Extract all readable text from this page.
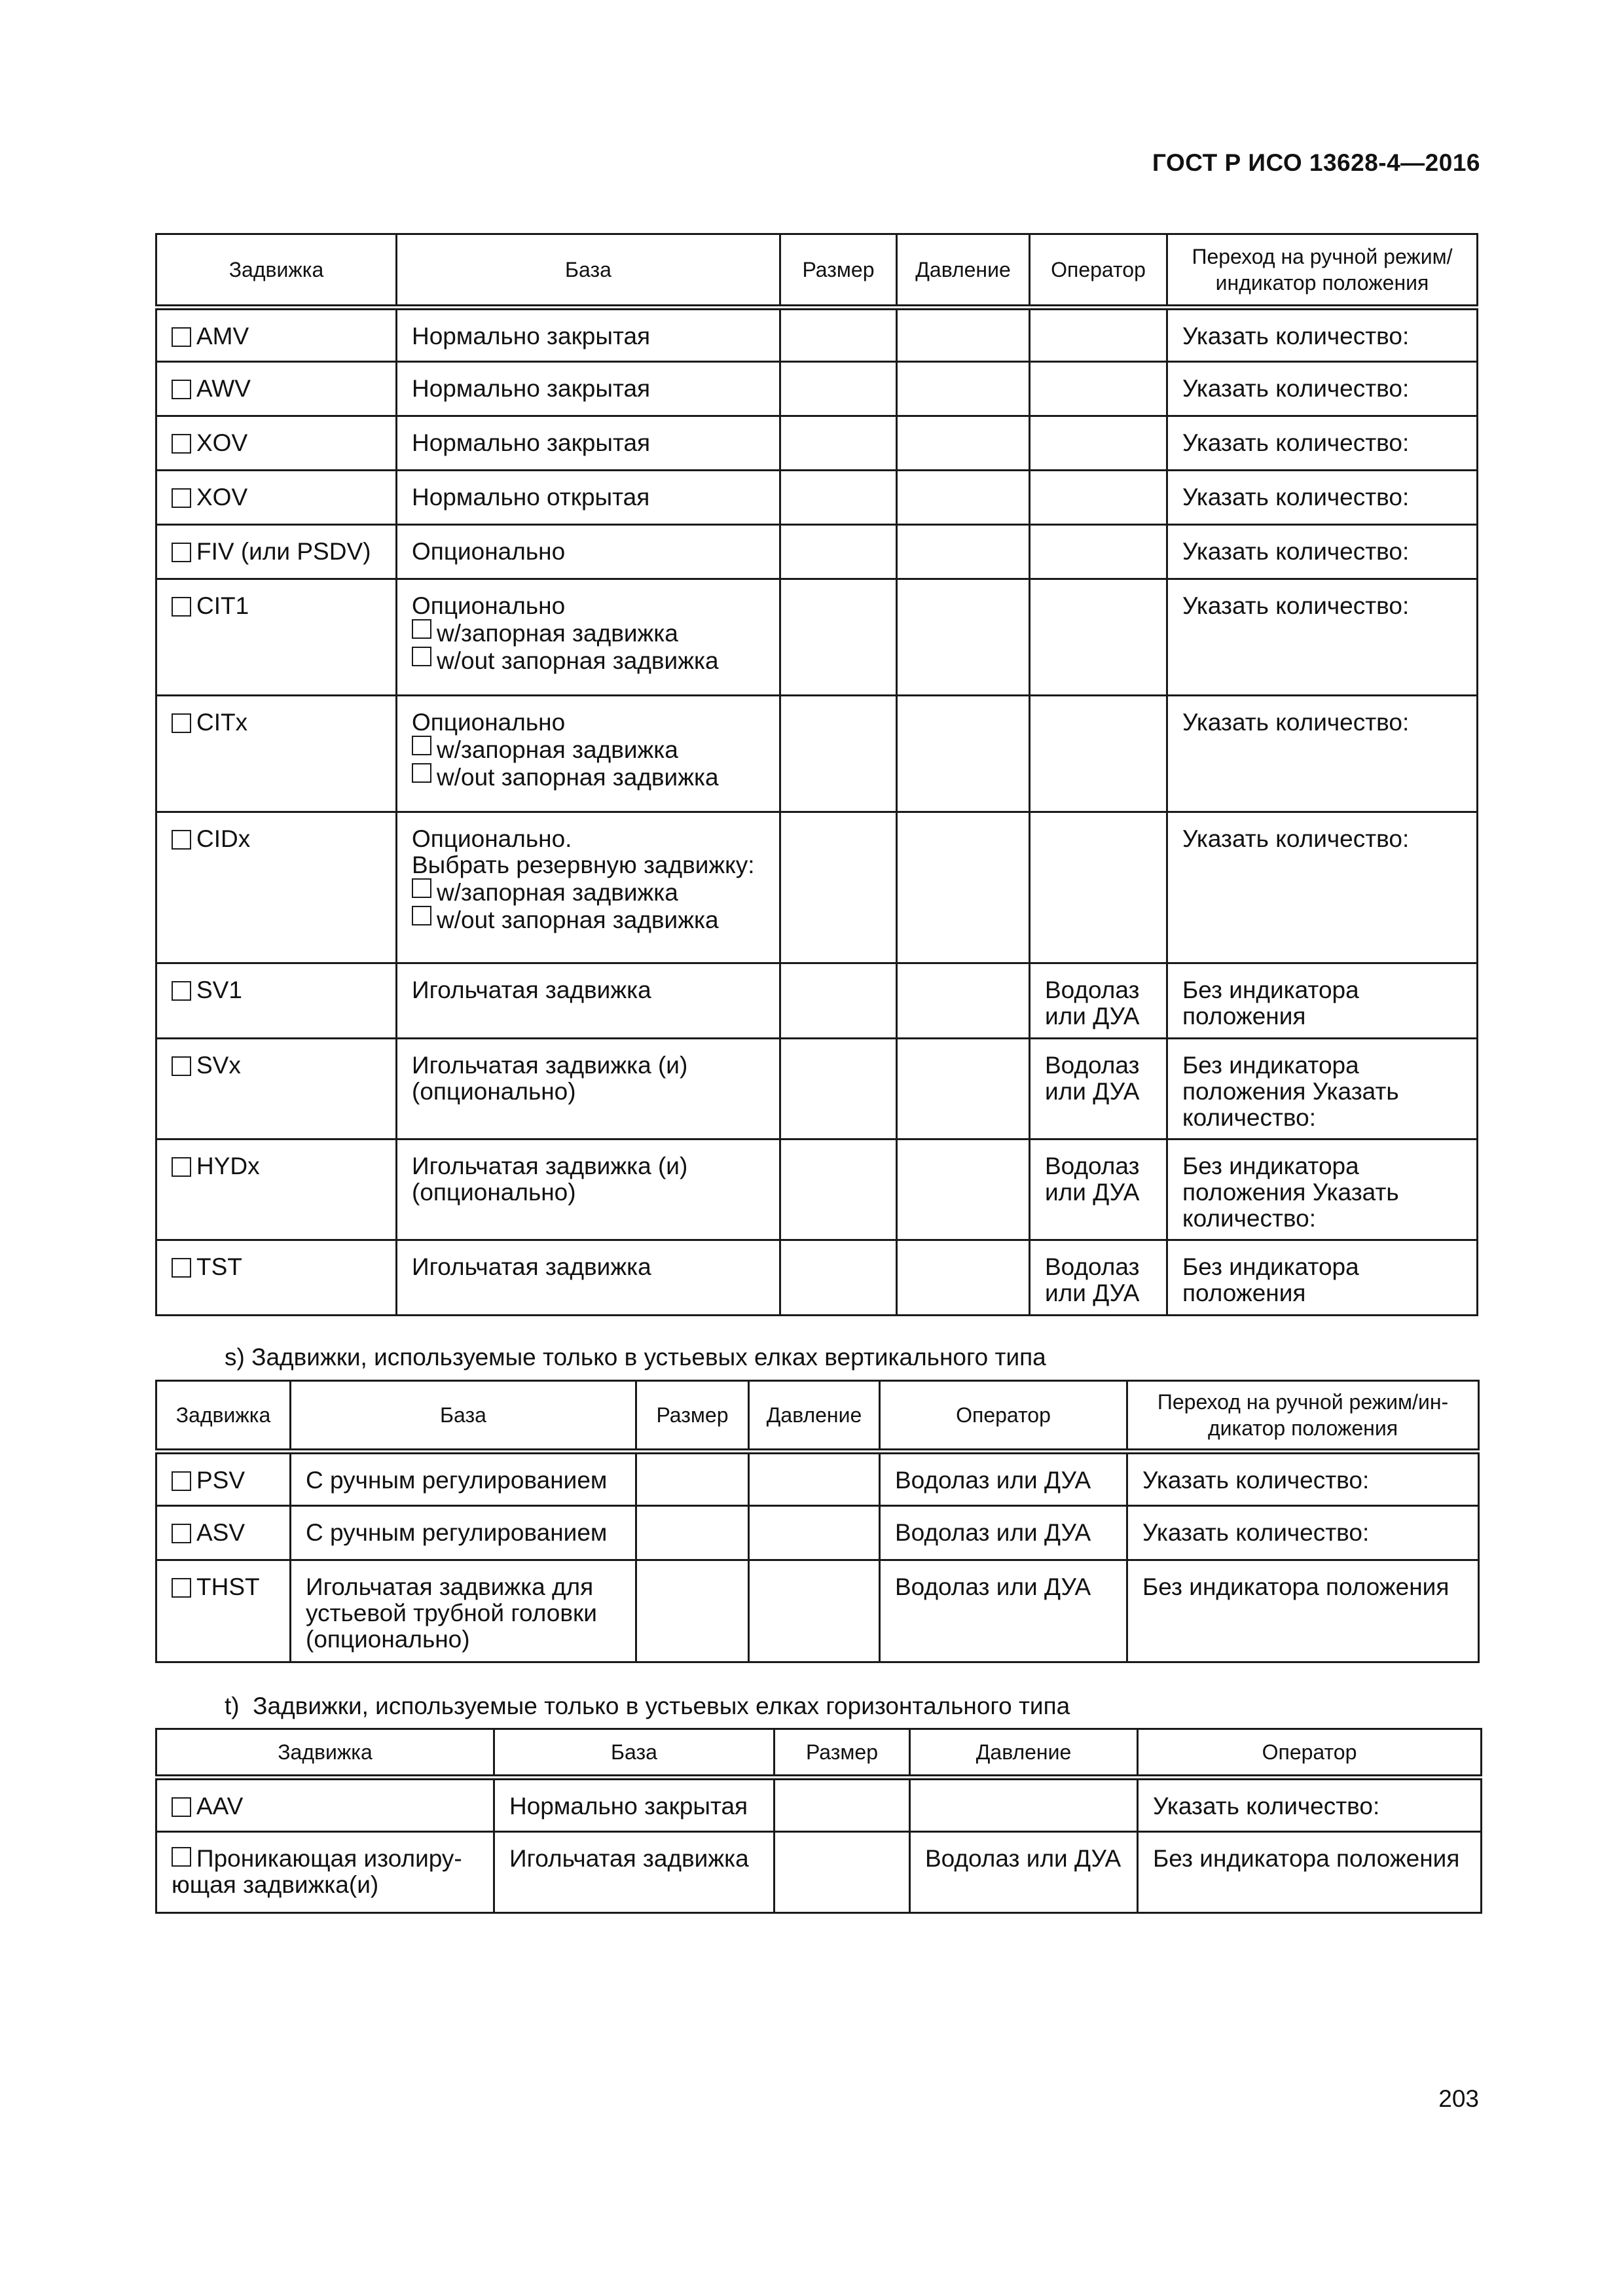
ГОСТ Р ИСО 13628-4—2016
Задвижка	База	Размер	Давление	Оператор	Переход на ручной режим/ индикатор положения

AMV	Нормально закрытая				Указать количество:

AWV	Нормально закрытая				Указать количество:

XOV	Нормально закрытая				Указать количество:

XOV	Нормально открытая				Указать количество:

FIV (или PSDV)	Опционально				Указать количество:

CIT1	Опционально
w/запорная задвижка
w/out запорная задвижка				Указать количество:

CITx	Опционально
w/запорная задвижка
w/out запорная задвижка				Указать количество:

CIDx	Опционально.
Выбрать резервную задвижку:
w/запорная задвижка
w/out запорная задвижка				Указать количество:

SV1	Игольчатая задвижка			Водолаз или ДУА	Без индикатора положения

SVx	Игольчатая задвижка (и)
(опционально)			Водолаз или ДУА	Без индикатора положения Указать количество:

HYDx	Игольчатая задвижка (и)
(опционально)			Водолаз или ДУА	Без индикатора положения Указать количество:

TST	Игольчатая задвижка			Водолаз или ДУА	Без индикатора положения
s) Задвижки, используемые только в устьевых елках вертикального типа
Задвижка	База	Размер	Давление	Оператор	Переход на ручной режим/ин- дикатор положения

PSV	С ручным регулированием			Водолаз или ДУА	Указать количество:

ASV	С ручным регулированием			Водолаз или ДУА	Указать количество:

THST	Игольчатая задвижка для устьевой трубной головки (опционально)			Водолаз или ДУА	Без индикатора положения
t)  Задвижки, используемые только в устьевых елках горизонтального типа
Задвижка	База	Размер	Давление	Оператор

AAV	Нормально закрытая			Указать количество:

Проникающая изолиру- ющая задвижка(и)	Игольчатая задвижка		Водолаз или ДУА	Без индикатора положения
203
